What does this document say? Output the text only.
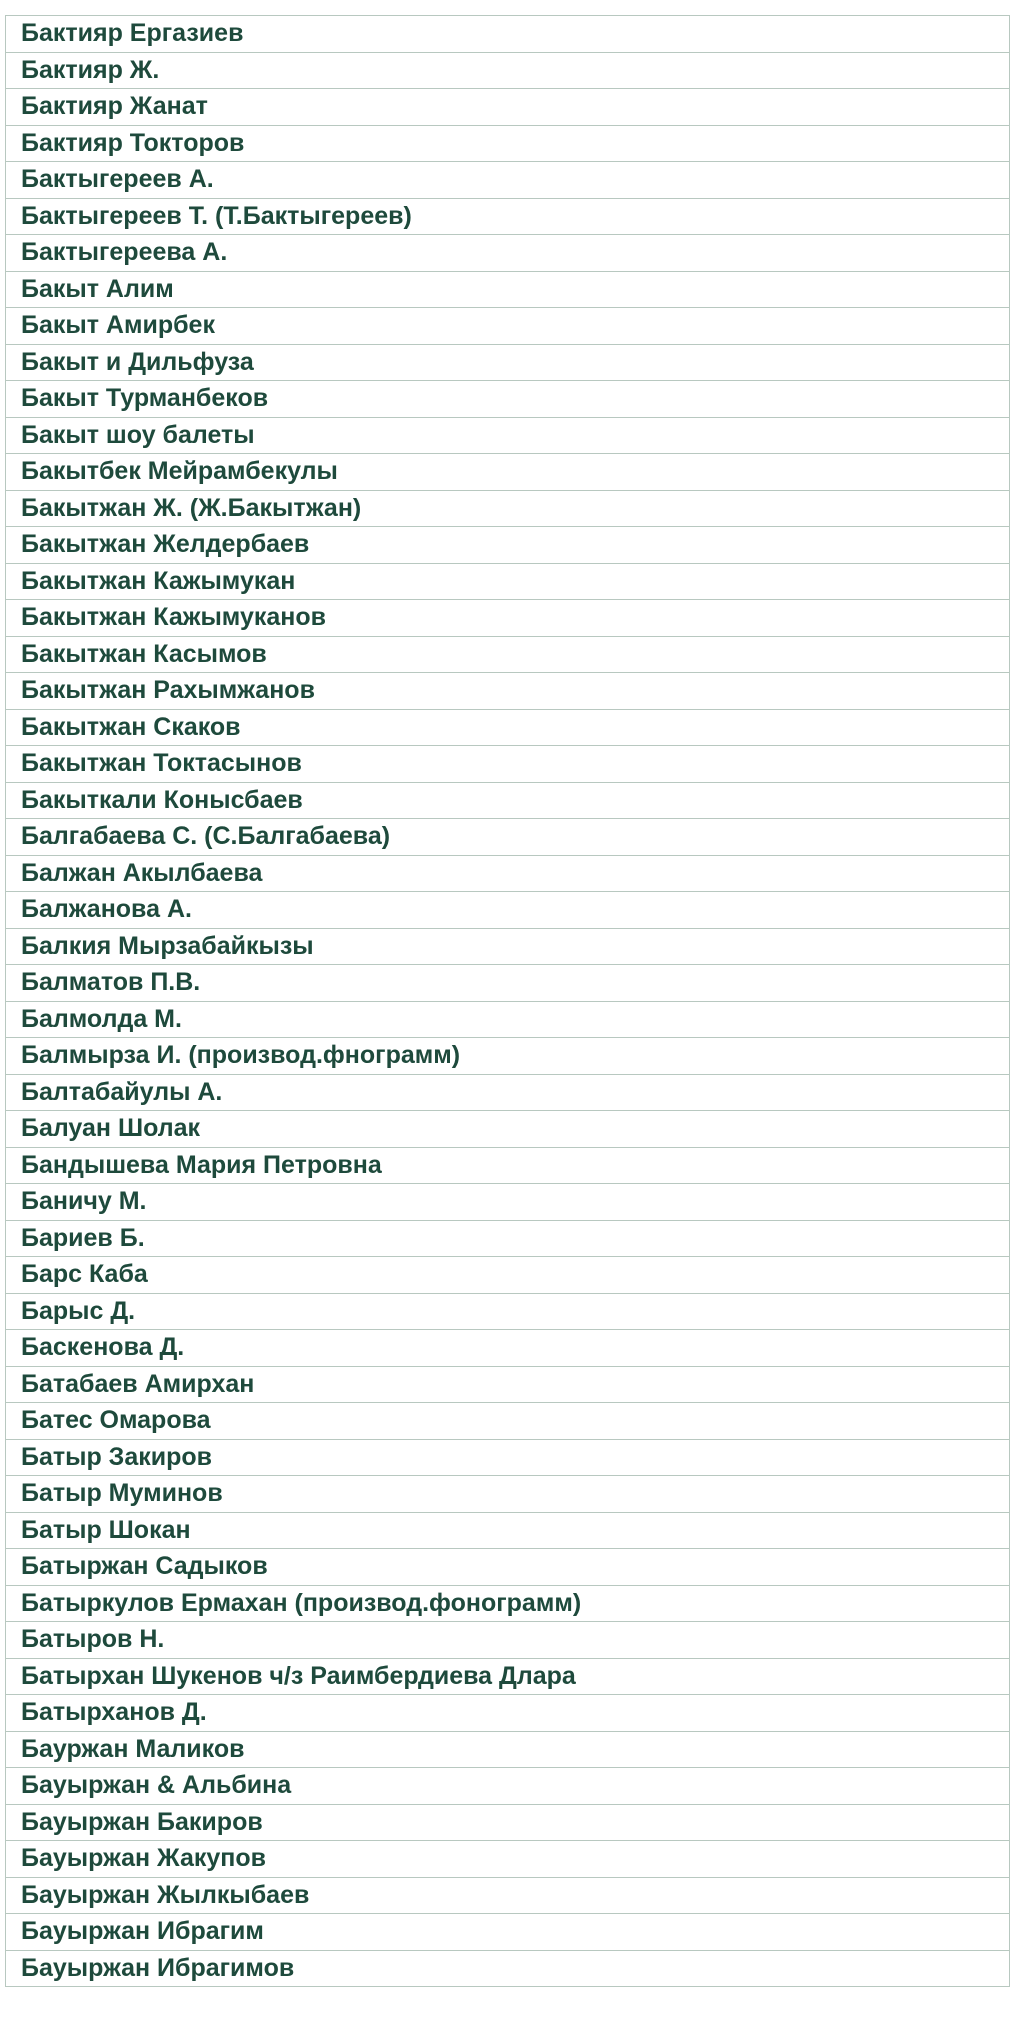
Бактияр Ергазиев
Бактияр Ж.
Бактияр Жанат
Бактияр Токторов
Бактыгереев А.
Бактыгереев Т. (Т.Бактыгереев)
Бактыгереева А.
Бакыт Алим
Бакыт Амирбек
Бакыт и Дильфуза
Бакыт Турманбеков
Бакыт шоу балеты
Бакытбек Мейрамбекулы
Бакытжан Ж. (Ж.Бакытжан)
Бакытжан Желдербаев
Бакытжан Кажымукан
Бакытжан Кажымуканов
Бакытжан Касымов
Бакытжан Рахымжанов
Бакытжан Скаков
Бакытжан Токтасынов
Бакыткали Конысбаев
Балгабаева С. (С.Балгабаева)
Балжан Акылбаева
Балжанова А.
Балкия Мырзабайкызы
Балматов П.В.
Балмолда М.
Балмырза И. (производ.фнограмм)
Балтабайулы А.
Балуан Шолак
Бандышева Мария Петровна
Баничу М.
Бариев Б.
Барс Каба
Барыс Д.
Баскенова Д.
Батабаев Амирхан
Батес Омарова
Батыр Закиров
Батыр Муминов
Батыр Шокан
Батыржан Садыков
Батыркулов Ермахан (производ.фонограмм)
Батыров Н.
Батырхан Шукенов ч/з Раимбердиева Длара
Батырханов Д.
Бауржан Маликов
Бауыржан & Альбина
Бауыржан Бакиров
Бауыржан Жакупов
Бауыржан Жылкыбаев
Бауыржан Ибрагим
Бауыржан Ибрагимов
